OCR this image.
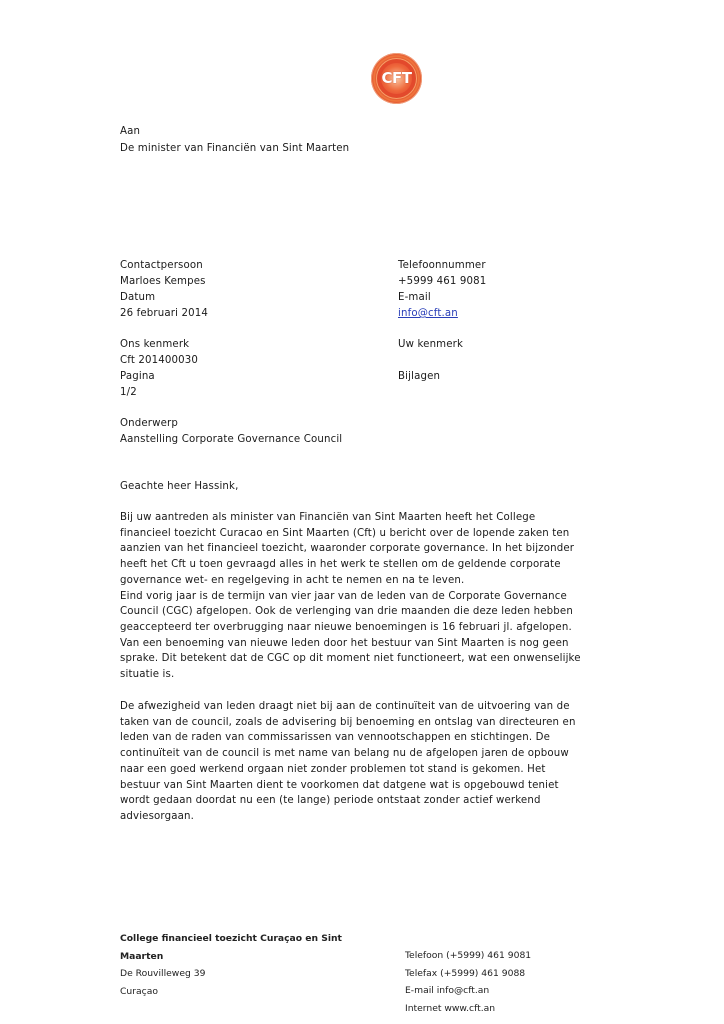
CFT
Aan
De minister van Financiën van Sint Maarten
Contactpersoon
Marloes Kempes
Datum
26 februari 2014
Ons kenmerk
Cft 201400030
Pagina
1/2
Telefoonnummer
+5999 461 9081
E-mail
info@cft.an
Uw kenmerk
Bijlagen
Onderwerp
Aanstelling Corporate Governance Council
Geachte heer Hassink,
Bij uw aantreden als minister van Financiën van Sint Maarten heeft het College
financieel toezicht Curacao en Sint Maarten (Cft) u bericht over de lopende zaken ten
aanzien van het financieel toezicht, waaronder corporate governance. In het bijzonder
heeft het Cft u toen gevraagd alles in het werk te stellen om de geldende corporate
governance wet- en regelgeving in acht te nemen en na te leven.
Eind vorig jaar is de termijn van vier jaar van de leden van de Corporate Governance
Council (CGC) afgelopen. Ook de verlenging van drie maanden die deze leden hebben
geaccepteerd ter overbrugging naar nieuwe benoemingen is 16 februari jl. afgelopen.
Van een benoeming van nieuwe leden door het bestuur van Sint Maarten is nog geen
sprake. Dit betekent dat de CGC op dit moment niet functioneert, wat een onwenselijke
situatie is.
De afwezigheid van leden draagt niet bij aan de continuïteit van de uitvoering van de
taken van de council, zoals de advisering bij benoeming en ontslag van directeuren en
leden van de raden van commissarissen van vennootschappen en stichtingen. De
continuïteit van de council is met name van belang nu de afgelopen jaren de opbouw
naar een goed werkend orgaan niet zonder problemen tot stand is gekomen. Het
bestuur van Sint Maarten dient te voorkomen dat datgene wat is opgebouwd teniet
wordt gedaan doordat nu een (te lange) periode ontstaat zonder actief werkend
adviesorgaan.
College financieel toezicht Curaçao en Sint
Maarten
De Rouvilleweg 39
Curaçao
Telefoon (+5999) 461 9081
Telefax (+5999) 461 9088
E-mail info@cft.an
Internet www.cft.an
